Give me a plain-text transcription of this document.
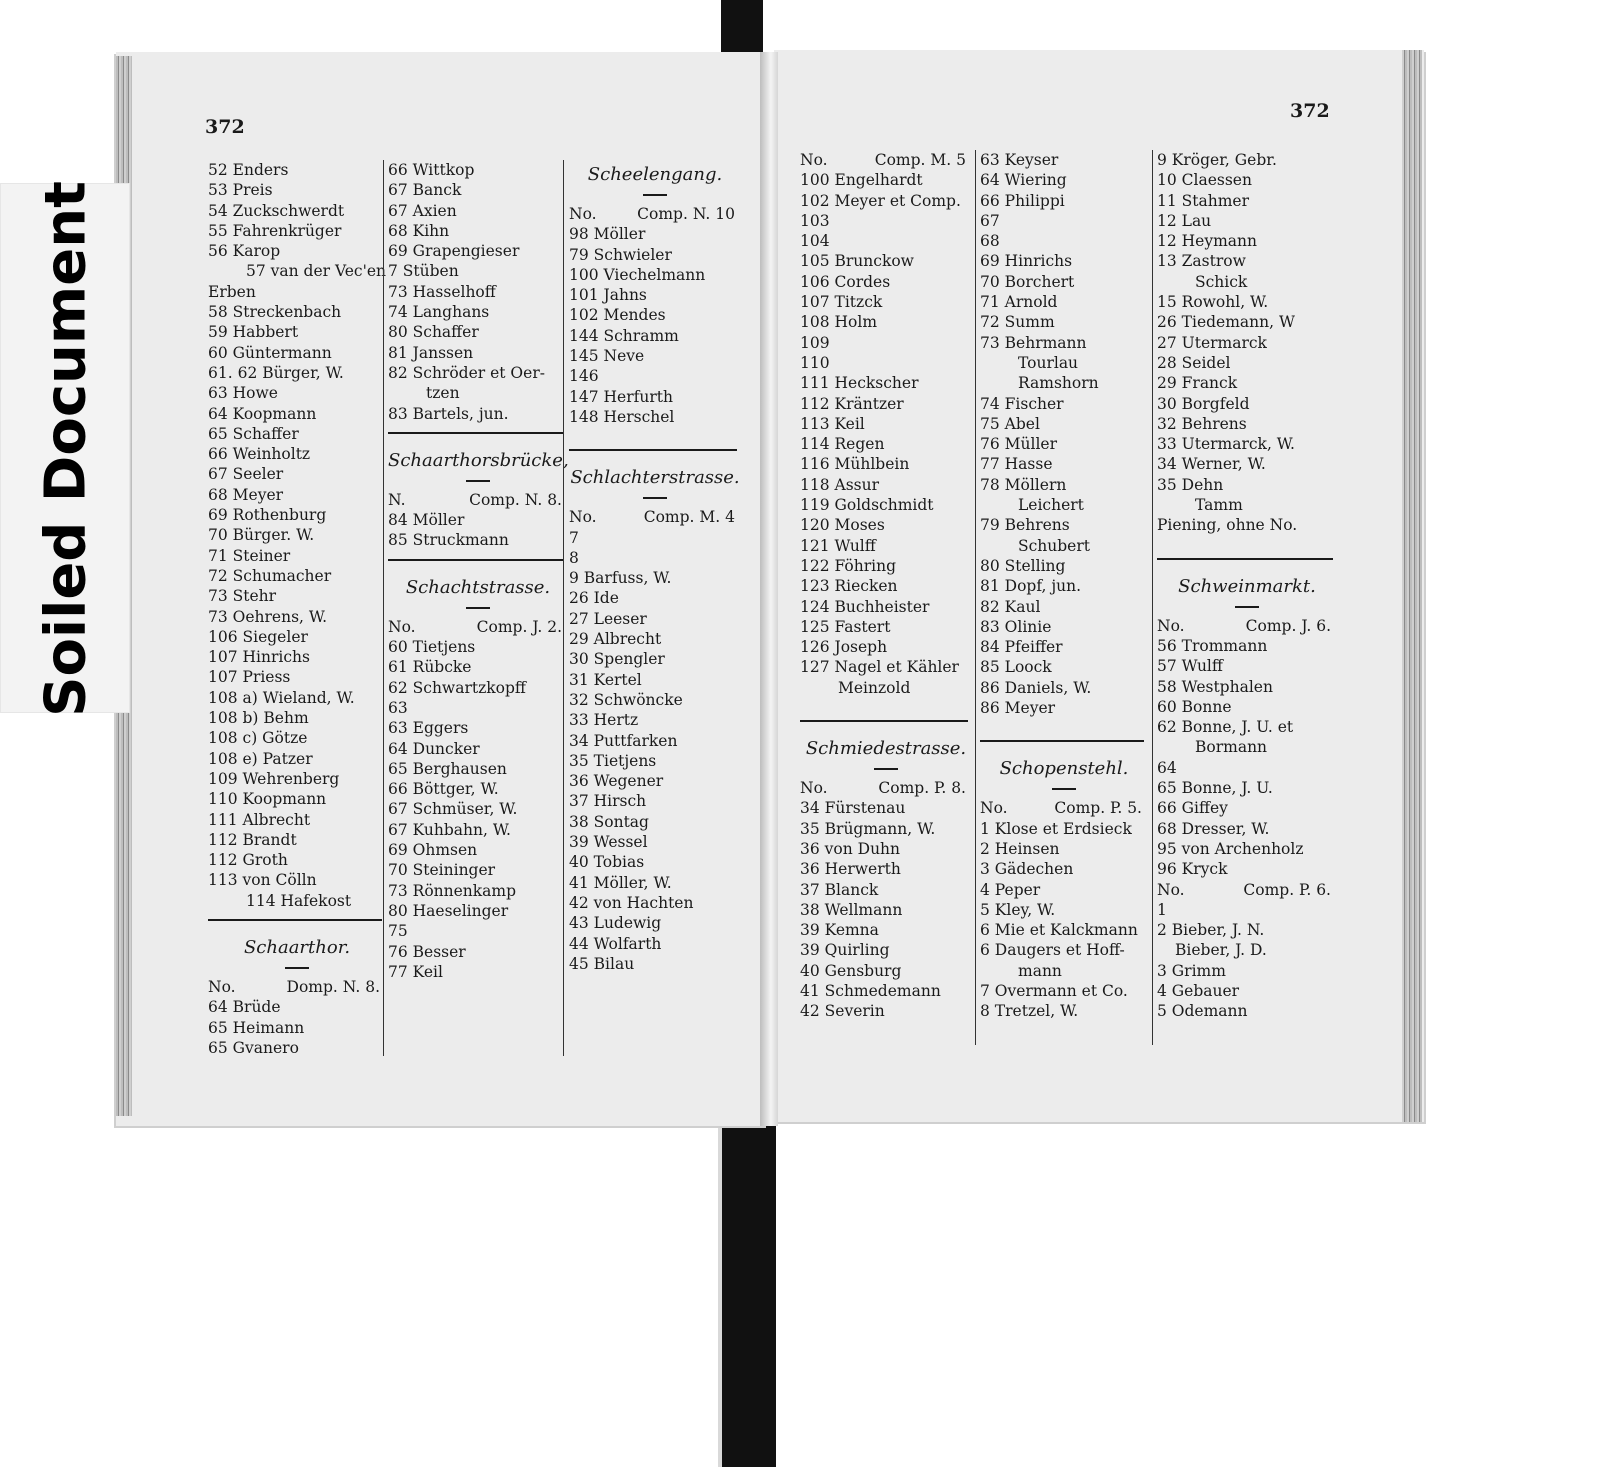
Soiled Document
372
52 Enders
53 Preis
54 Zuckschwerdt
55 Fahrenkrüger
56 Karop
57 van der Vec'en
Erben
58 Streckenbach
59 Habbert
60 Güntermann
61. 62 Bürger, W.
63 Howe
64 Koopmann
65 Schaffer
66 Weinholtz
67 Seeler
68 Meyer
69 Rothenburg
70 Bürger. W.
71 Steiner
72 Schumacher
73 Stehr
73 Oehrens, W.
106 Siegeler
107 Hinrichs
107 Priess
108 a) Wieland, W.
108 b) Behm
108 c) Götze
108 e) Patzer
109 Wehrenberg
110 Koopmann
111 Albrecht
112 Brandt
112 Groth
113 von Cölln
114 Hafekost
Schaarthor.
No.	Domp. N. 8.
64 Brüde
65 Heimann
65 Gvanero
66 Wittkop
67 Banck
67 Axien
68 Kihn
69 Grapengieser
7 Stüben
73 Hasselhoff
74 Langhans
80 Schaffer
81 Janssen
82 Schröder et Oer-
tzen
83 Bartels, jun.
Schaarthorsbrücke,
N.	Comp. N. 8.
84 Möller
85 Struckmann
Schachtstrasse.
No.	Comp. J. 2.
60 Tietjens
61 Rübcke
62 Schwartzkopff
63
63 Eggers
64 Duncker
65 Berghausen
66 Böttger, W.
67 Schmüser, W.
67 Kuhbahn, W.
69 Ohmsen
70 Steininger
73 Rönnenkamp
80 Haeselinger
75
76 Besser
77 Keil
Scheelengang.
No.	Comp. N. 10
98 Möller
79 Schwieler
100 Viechelmann
101 Jahns
102 Mendes
144 Schramm
145 Neve
146
147 Herfurth
148 Herschel
Schlachterstrasse.
No.	Comp. M. 4
7
8
9 Barfuss, W.
26 Ide
27 Leeser
29 Albrecht
30 Spengler
31 Kertel
32 Schwöncke
33 Hertz
34 Puttfarken
35 Tietjens
36 Wegener
37 Hirsch
38 Sontag
39 Wessel
40 Tobias
41 Möller, W.
42 von Hachten
43 Ludewig
44 Wolfarth
45 Bilau
372
No.	Comp. M. 5
100 Engelhardt
102 Meyer et Comp.
103
104
105 Brunckow
106 Cordes
107 Titzck
108 Holm
109
110
111 Heckscher
112 Kräntzer
113 Keil
114 Regen
116 Mühlbein
118 Assur
119 Goldschmidt
120 Moses
121 Wulff
122 Föhring
123 Riecken
124 Buchheister
125 Fastert
126 Joseph
127 Nagel et Kähler
Meinzold
Schmiedestrasse.
No.	Comp. P. 8.
34 Fürstenau
35 Brügmann, W.
36 von Duhn
36 Herwerth
37 Blanck
38 Wellmann
39 Kemna
39 Quirling
40 Gensburg
41 Schmedemann
42 Severin
63 Keyser
64 Wiering
66 Philippi
67
68
69 Hinrichs
70 Borchert
71 Arnold
72 Summ
73 Behrmann
Tourlau
Ramshorn
74 Fischer
75 Abel
76 Müller
77 Hasse
78 Möllern
Leichert
79 Behrens
Schubert
80 Stelling
81 Dopf, jun.
82 Kaul
83 Olinie
84 Pfeiffer
85 Loock
86 Daniels, W.
86 Meyer
Schopenstehl.
No.	Comp. P. 5.
1 Klose et Erdsieck
2 Heinsen
3 Gädechen
4 Peper
5 Kley, W.
6 Mie et Kalckmann
6 Daugers et Hoff-
mann
7 Overmann et Co.
8 Tretzel, W.
9 Kröger, Gebr.
10 Claessen
11 Stahmer
12 Lau
12 Heymann
13 Zastrow
Schick
15 Rowohl, W.
26 Tiedemann, W
27 Utermarck
28 Seidel
29 Franck
30 Borgfeld
32 Behrens
33 Utermarck, W.
34 Werner, W.
35 Dehn
Tamm
Piening, ohne No.
Schweinmarkt.
No.	Comp. J. 6.
56 Trommann
57 Wulff
58 Westphalen
60 Bonne
62 Bonne, J. U. et
Bormann
64
65 Bonne, J. U.
66 Giffey
68 Dresser, W.
95 von Archenholz
96 Kryck
No.	Comp. P. 6.
1
2 Bieber, J. N.
Bieber, J. D.
3 Grimm
4 Gebauer
5 Odemann
